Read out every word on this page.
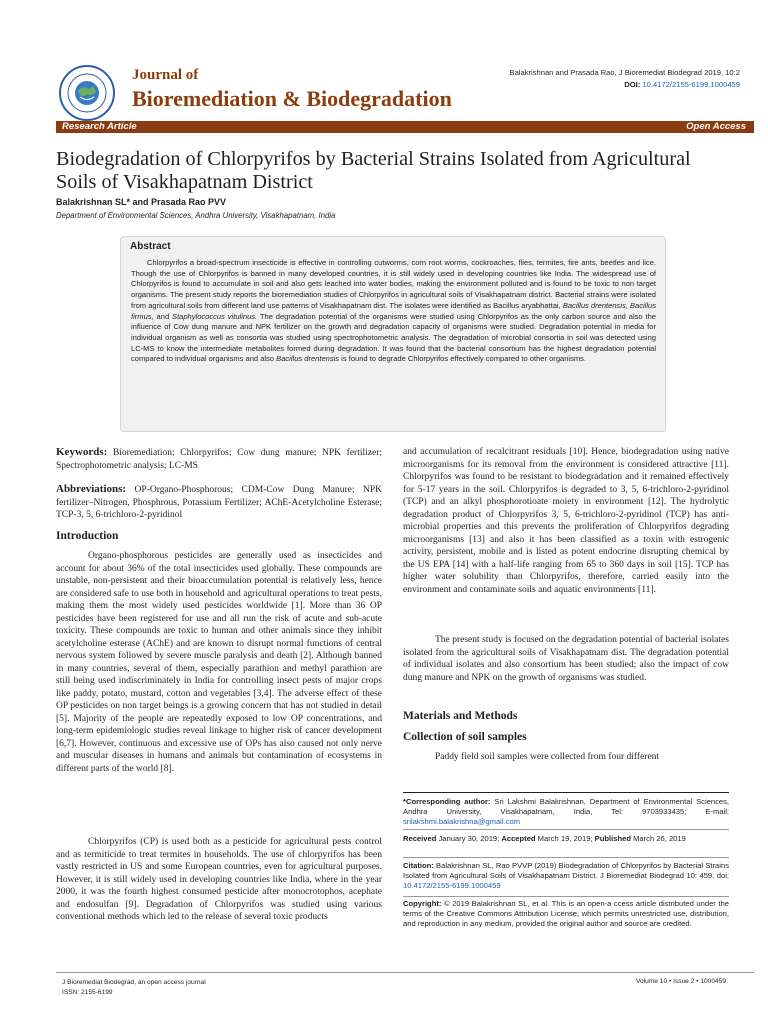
Journal of
Bioremediation & Biodegradation
Balakrishnan and Prasada Rao, J Bioremediat Biodegrad 2019, 10:2
DOI: 10.4172/2155-6199.1000459
Research Article	Open Access
Biodegradation of Chlorpyrifos by Bacterial Strains Isolated from Agricultural Soils of Visakhapatnam District
Balakrishnan SL* and Prasada Rao PVV
Department of Environmental Sciences, Andhra University, Visakhapatnam, India
Abstract
Chlorpyrifos a broad-spectrum insecticide is effective in controlling cutworms, corn root worms, cockroaches, flies, termites, fire ants, beetles and lice. Though the use of Chlorpyrifos is banned in many developed countries, it is still widely used in developing countries like India. The widespread use of Chlorpyrifos is found to accumulate in soil and also gets leached into water bodies, making the environment polluted and is found to be toxic to non target organisms. The present study reports the bioremediation studies of Chlorpyrifos in agricultural soils of Visakhapatnam district. Bacterial strains were isolated from agricultural soils from different land use patterns of Visakhapatnam dist. The isolates were identified as Bacillus aryabhattai, Bacillus drentensis, Bacillus firmus, and Staphylococcus vitulinus. The degradation potential of the organisms were studied using Chlorpyrifos as the only carbon source and also the influence of Cow dung manure and NPK fertilizer on the growth and degradation capacity of organisms were studied. Degradation potential in media for individual organism as well as consortia was studied using spectrophotometric analysis. The degradation of microbial consortia in soil was detected using LC-MS to know the intermediate metabolites formed during degradation. It was found that the bacterial consortium has the highest degradation potential compared to individual organisms and also Bacillus drentensis is found to degrade Chlorpyrifos effectively compared to other organisms.
Keywords: Bioremediation; Chlorpyrifos; Cow dung manure; NPK fertilizer; Spectrophotometric analysis; LC-MS
Abbreviations: OP-Organo-Phosphorous; CDM-Cow Dung Manure; NPK fertilizer–Nitrogen, Phosphrous, Potassium Fertilizer; AChE-Acetylcholine Esterase; TCP-3, 5, 6-trichloro-2-pyridinol
Introduction
Organo-phosphorous pesticides are generally used as insecticides and account for about 36% of the total insecticides used globally. These compounds are unstable, non-persistent and their bioaccumulation potential is relatively less, hence are considered safe to use both in household and agricultural operations to treat pests, making them the most widely used pesticides worldwide [1]. More than 36 OP pesticides have been registered for use and all run the risk of acute and sub-acute toxicity. These compounds are toxic to human and other animals since they inhibit acetylcholine esterase (AChE) and are known to disrupt normal functions of central nervous system followed by severe muscle paralysis and death [2]. Although banned in many countries, several of them, especially parathion and methyl parathion are still being used indiscriminately in India for controlling insect pests of major crops like paddy, potato, mustard, cotton and vegetables [3,4]. The adverse effect of these OP pesticides on non target beings is a growing concern that has not studied in detail [5]. Majority of the people are repeatedly exposed to low OP concentrations, and long-term epidemiologic studies reveal linkage to higher risk of cancer development [6,7]. However, continuous and excessive use of OPs has also caused not only nerve and muscular diseases in humans and animals but contamination of ecosystems in different parts of the world [8].
Chlorpyrifos (CP) is used both as a pesticide for agricultural pests control and as termiticide to treat termites in households. The use of chlorpyrifos has been vastly restricted in US and some European countries, even for agricultural purposes. However, it is still widely used in developing countries like India, where in the year 2000, it was the fourth highest consumed pesticide after monocrotophos, acephate and endosulfan [9]. Degradation of Chlorpyrifos was studied using various conventional methods which led to the release of several toxic products
and accumulation of recalcitrant residuals [10]. Hence, biodegradation using native microorganisms for its removal from the environment is considered attractive [11]. Chlorpyrifos was found to be resistant to biodegradation and it remained effectively for 5-17 years in the soil. Chlorpyrifos is degraded to 3, 5, 6-trichloro-2-pyridinol (TCP) and an alkyl phosphorotioate moiety in environment [12]. The hydrolytic degradation product of Chlorpyrifos 3, 5, 6-trichloro-2-pyridinol (TCP) has anti-microbial properties and this prevents the proliferation of Chlorpyrifos degrading microorganisms [13] and also it has been classified as a toxin with estrogenic activity, persistent, mobile and is listed as potent endocrine disrupting chemical by the US EPA [14] with a half-life ranging from 65 to 360 days in soil [15]. TCP has higher water solubility than Chlorpyrifos, therefore, carried easily into the environment and contaminate soils and aquatic environments [11].
The present study is focused on the degradation potential of bacterial isolates isolated from the agricultural soils of Visakhapatnam dist. The degradation potential of individual isolates and also consortium has been studied; also the impact of cow dung manure and NPK on the growth of organisms was studied.
Materials and Methods
Collection of soil samples
Paddy field soil samples were collected from four different
*Corresponding author: Sri Lakshmi Balakrishnan, Department of Environmental Sciences, Andhra University, Visakhapatnam, India, Tel: 9703933435; E-mail: srilakshmi.balakrishna@gmail.com
Received January 30, 2019; Accepted March 19, 2019; Published March 26, 2019
Citation: Balakrishnan SL, Rao PVVP (2019) Biodegradation of Chlorpyrifos by Bacterial Strains Isolated from Agricultural Soils of Visakhapatnam District. J Bioremediat Biodegrad 10: 459. doi: 10.4172/2155-6199.1000459
Copyright: © 2019 Balakrishnan SL, et al. This is an open-a ccess article distributed under the terms of the Creative Commons Attribution License, which permits unrestricted use, distribution, and reproduction in any medium, provided the original author and source are credited.
J Bioremediat Biodegrad, an open access journal
ISSN: 2155-6199
Volume 10 • Issue 2 • 1000459
